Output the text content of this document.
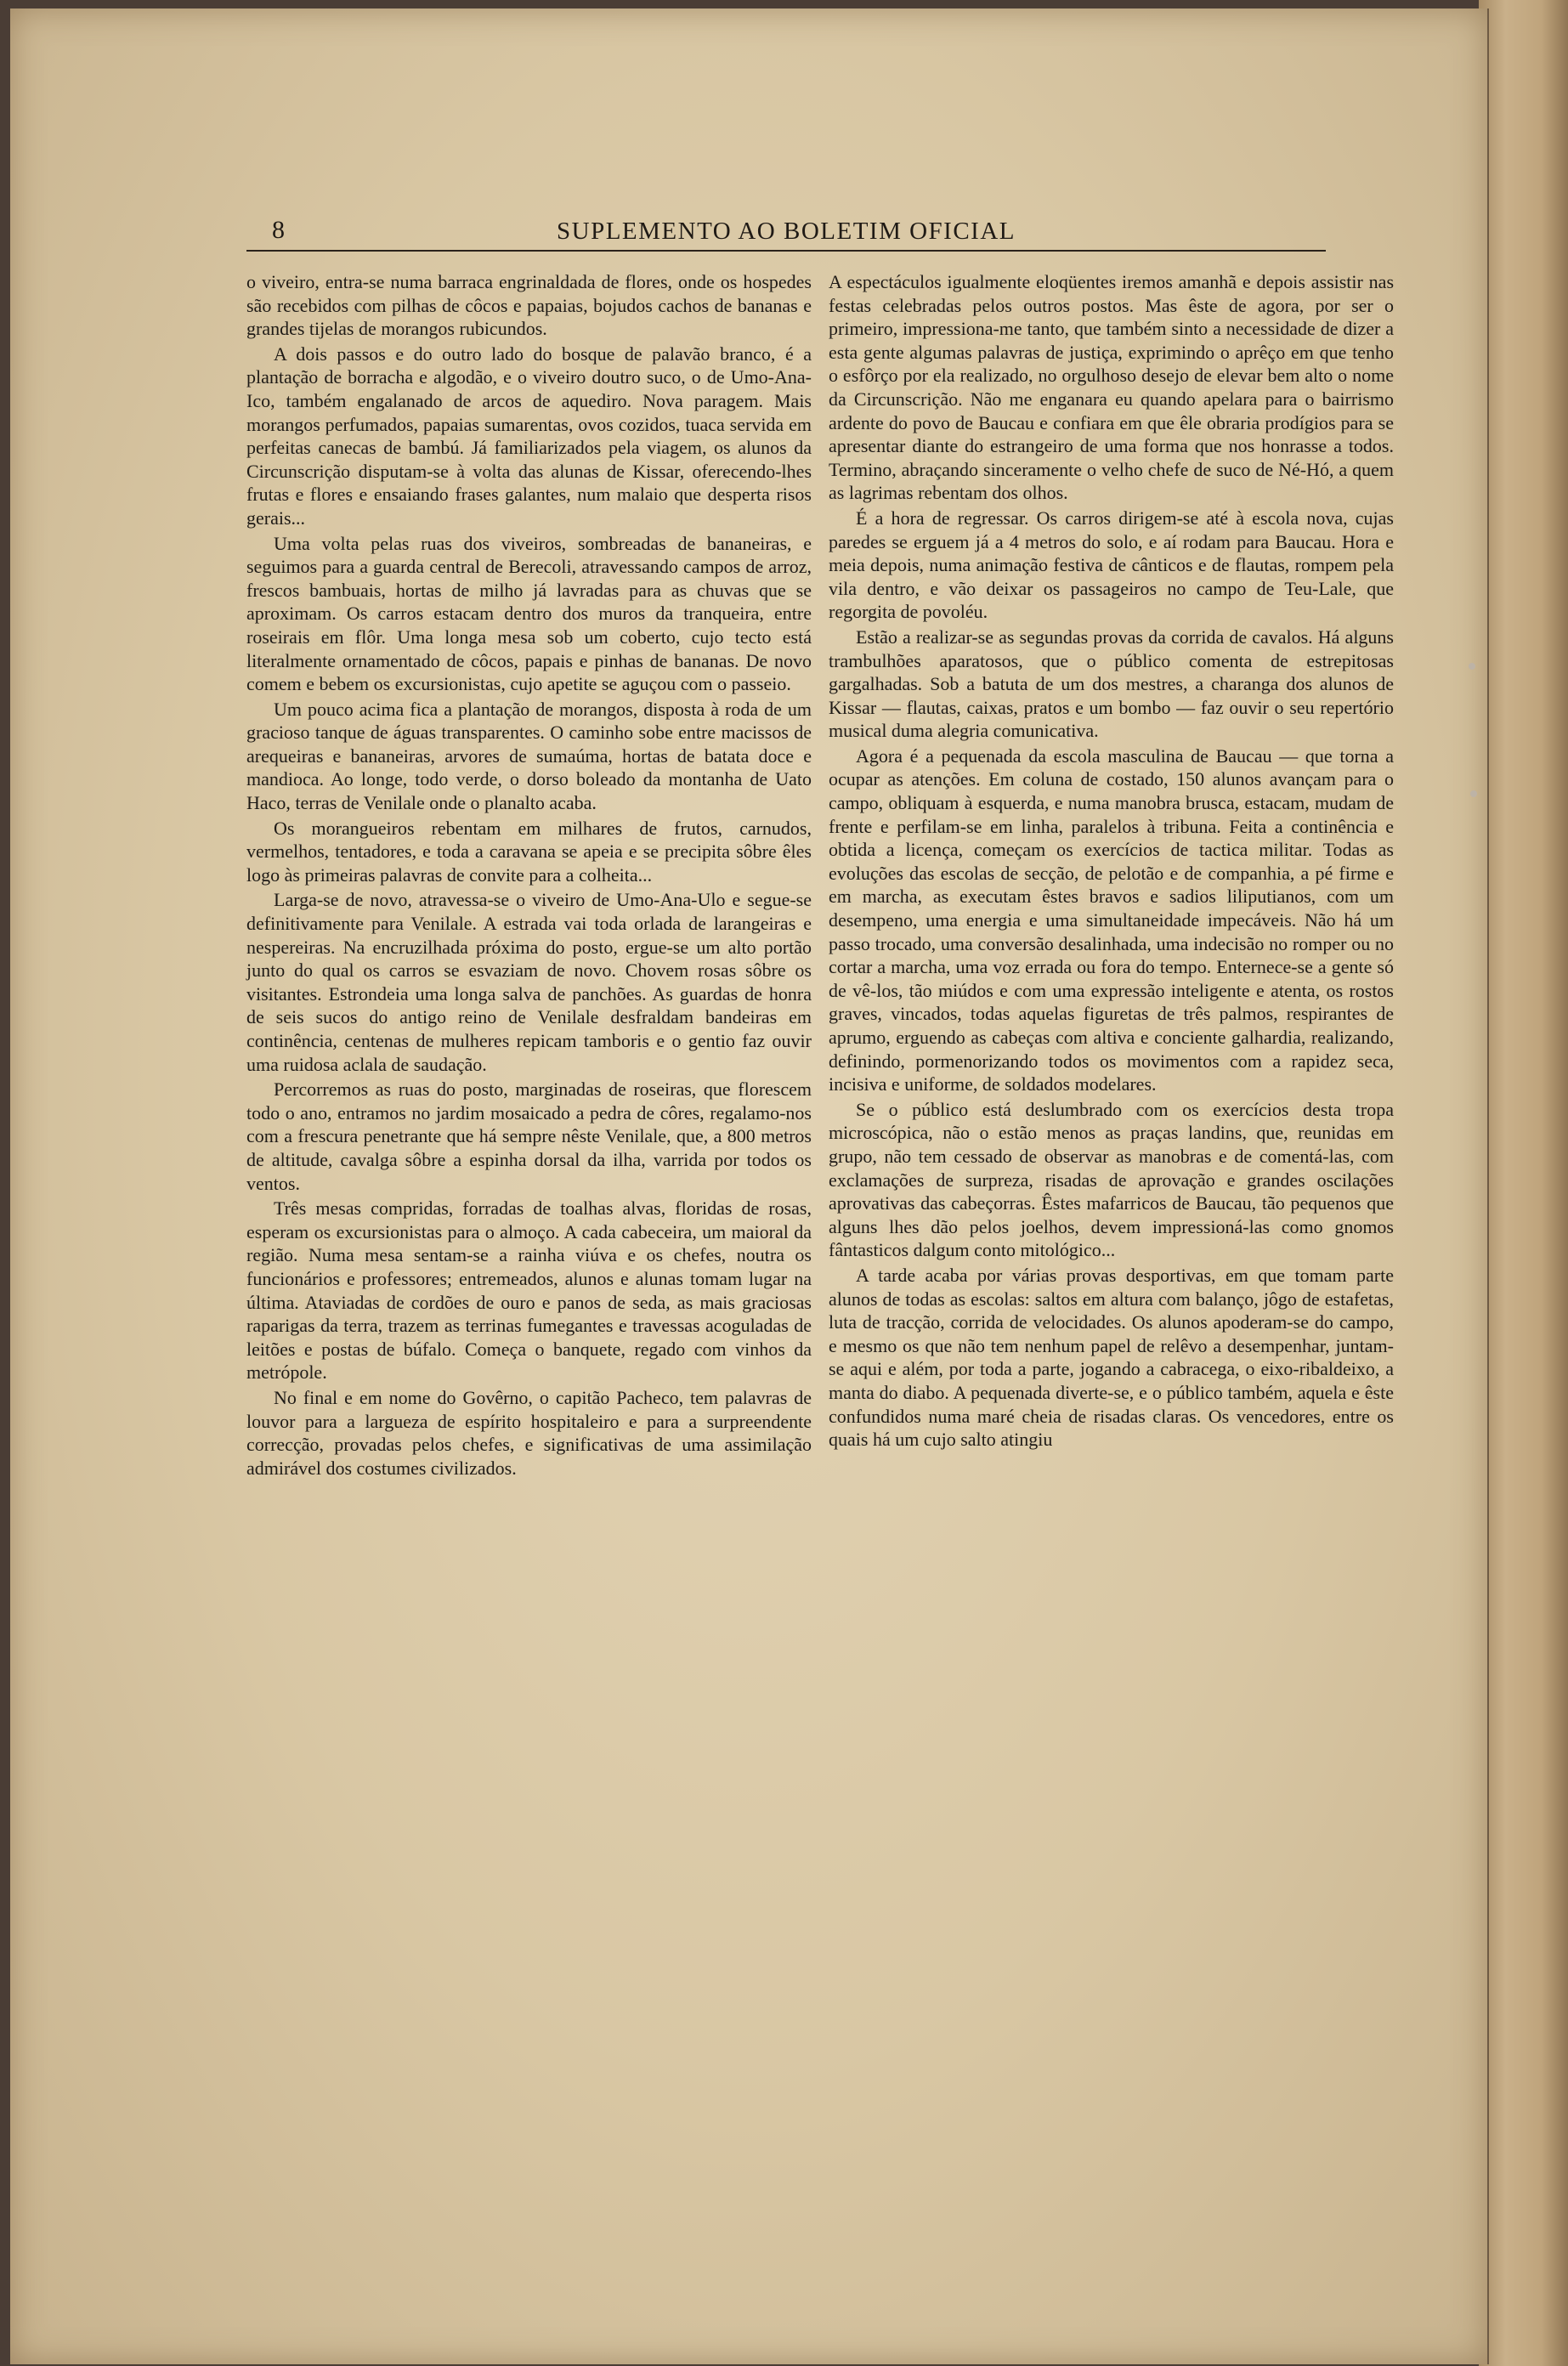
8	SUPLEMENTO AO BOLETIM OFICIAL

o viveiro, entra-se numa barraca engrinaldada de flores, onde os hospedes são recebidos com pilhas de côcos e papaias, bojudos cachos de bananas e grandes tijelas de morangos rubicundos.

A dois passos e do outro lado do bosque de palavão branco, é a plantação de borracha e algodão, e o viveiro doutro suco, o de Umo-Ana-Ico, também engalanado de arcos de aquediro. Nova paragem. Mais morangos perfumados, papaias sumarentas, ovos cozidos, tuaca servida em perfeitas canecas de bambú. Já familiarizados pela viagem, os alunos da Circunscrição disputam-se à volta das alunas de Kissar, oferecendo-lhes frutas e flores e ensaiando frases galantes, num malaio que desperta risos gerais...

Uma volta pelas ruas dos viveiros, sombreadas de bananeiras, e seguimos para a guarda central de Berecoli, atravessando campos de arroz, frescos bambuais, hortas de milho já lavradas para as chuvas que se aproximam. Os carros estacam dentro dos muros da tranqueira, entre roseirais em flôr. Uma longa mesa sob um coberto, cujo tecto está literalmente ornamentado de côcos, papais e pinhas de bananas. De novo comem e bebem os excursionistas, cujo apetite se aguçou com o passeio.

Um pouco acima fica a plantação de morangos, disposta à roda de um gracioso tanque de águas transparentes. O caminho sobe entre macissos de arequeiras e bananeiras, arvores de sumaúma, hortas de batata doce e mandioca. Ao longe, todo verde, o dorso boleado da montanha de Uato Haco, terras de Venilale onde o planalto acaba.

Os morangueiros rebentam em milhares de frutos, carnudos, vermelhos, tentadores, e toda a caravana se apeia e se precipita sôbre êles logo às primeiras palavras de convite para a colheita...

Larga-se de novo, atravessa-se o viveiro de Umo-Ana-Ulo e segue-se definitivamente para Venilale. A estrada vai toda orlada de larangeiras e nespereiras. Na encruzilhada próxima do posto, ergue-se um alto portão junto do qual os carros se esvaziam de novo. Chovem rosas sôbre os visitantes. Estrondeia uma longa salva de panchões. As guardas de honra de seis sucos do antigo reino de Venilale desfraldam bandeiras em continência, centenas de mulheres repicam tamboris e o gentio faz ouvir uma ruidosa aclala de saudação.

Percorremos as ruas do posto, marginadas de roseiras, que florescem todo o ano, entramos no jardim mosaicado a pedra de côres, regalamo-nos com a frescura penetrante que há sempre nêste Venilale, que, a 800 metros de altitude, cavalga sôbre a espinha dorsal da ilha, varrida por todos os ventos.

Três mesas compridas, forradas de toalhas alvas, floridas de rosas, esperam os excursionistas para o almoço. A cada cabeceira, um maioral da região. Numa mesa sentam-se a rainha viúva e os chefes, noutra os funcionários e professores; entremeados, alunos e alunas tomam lugar na última. Ataviadas de cordões de ouro e panos de seda, as mais graciosas raparigas da terra, trazem as terrinas fumegantes e travessas acoguladas de leitões e postas de búfalo. Começa o banquete, regado com vinhos da metrópole.

No final e em nome do Govêrno, o capitão Pacheco, tem palavras de louvor para a largueza de espírito hospitaleiro e para a surpreendente correcção, provadas pelos chefes, e significativas de uma assimilação admirável dos costumes civilizados.

A espectáculos igualmente eloqüentes iremos amanhã e depois assistir nas festas celebradas pelos outros postos. Mas êste de agora, por ser o primeiro, impressiona-me tanto, que também sinto a necessidade de dizer a esta gente algumas palavras de justiça, exprimindo o aprêço em que tenho o esfôrço por ela realizado, no orgulhoso desejo de elevar bem alto o nome da Circunscrição. Não me enganara eu quando apelara para o bairrismo ardente do povo de Baucau e confiara em que êle obraria prodígios para se apresentar diante do estrangeiro de uma forma que nos honrasse a todos. Termino, abraçando sinceramente o velho chefe de suco de Né-Hó, a quem as lagrimas rebentam dos olhos.

É a hora de regressar. Os carros dirigem-se até à escola nova, cujas paredes se erguem já a 4 metros do solo, e aí rodam para Baucau. Hora e meia depois, numa animação festiva de cânticos e de flautas, rompem pela vila dentro, e vão deixar os passageiros no campo de Teu-Lale, que regorgita de povoléu.

Estão a realizar-se as segundas provas da corrida de cavalos. Há alguns trambulhões aparatosos, que o público comenta de estrepitosas gargalhadas. Sob a batuta de um dos mestres, a charanga dos alunos de Kissar — flautas, caixas, pratos e um bombo — faz ouvir o seu repertório musical duma alegria comunicativa.

Agora é a pequenada da escola masculina de Baucau — que torna a ocupar as atenções. Em coluna de costado, 150 alunos avançam para o campo, obliquam à esquerda, e numa manobra brusca, estacam, mudam de frente e perfilam-se em linha, paralelos à tribuna. Feita a continência e obtida a licença, começam os exercícios de tactica militar. Todas as evoluções das escolas de secção, de pelotão e de companhia, a pé firme e em marcha, as executam êstes bravos e sadios liliputianos, com um desempeno, uma energia e uma simultaneidade impecáveis. Não há um passo trocado, uma conversão desalinhada, uma indecisão no romper ou no cortar a marcha, uma voz errada ou fora do tempo. Enternece-se a gente só de vê-los, tão miúdos e com uma expressão inteligente e atenta, os rostos graves, vincados, todas aquelas figuretas de três palmos, respirantes de aprumo, erguendo as cabeças com altiva e conciente galhardia, realizando, definindo, pormenorizando todos os movimentos com a rapidez seca, incisiva e uniforme, de soldados modelares.

Se o público está deslumbrado com os exercícios desta tropa microscópica, não o estão menos as praças landins, que, reunidas em grupo, não tem cessado de observar as manobras e de comentá-las, com exclamações de surpreza, risadas de aprovação e grandes oscilações aprovativas das cabeçorras. Êstes mafarricos de Baucau, tão pequenos que alguns lhes dão pelos joelhos, devem impressioná-las como gnomos fântasticos dalgum conto mitológico...

A tarde acaba por várias provas desportivas, em que tomam parte alunos de todas as escolas: saltos em altura com balanço, jôgo de estafetas, luta de tracção, corrida de velocidades. Os alunos apoderam-se do campo, e mesmo os que não tem nenhum papel de relêvo a desempenhar, juntam-se aqui e além, por toda a parte, jogando a cabracega, o eixo-ribaldeixo, a manta do diabo. A pequenada diverte-se, e o público também, aquela e êste confundidos numa maré cheia de risadas claras. Os vencedores, entre os quais há um cujo salto atingiu
